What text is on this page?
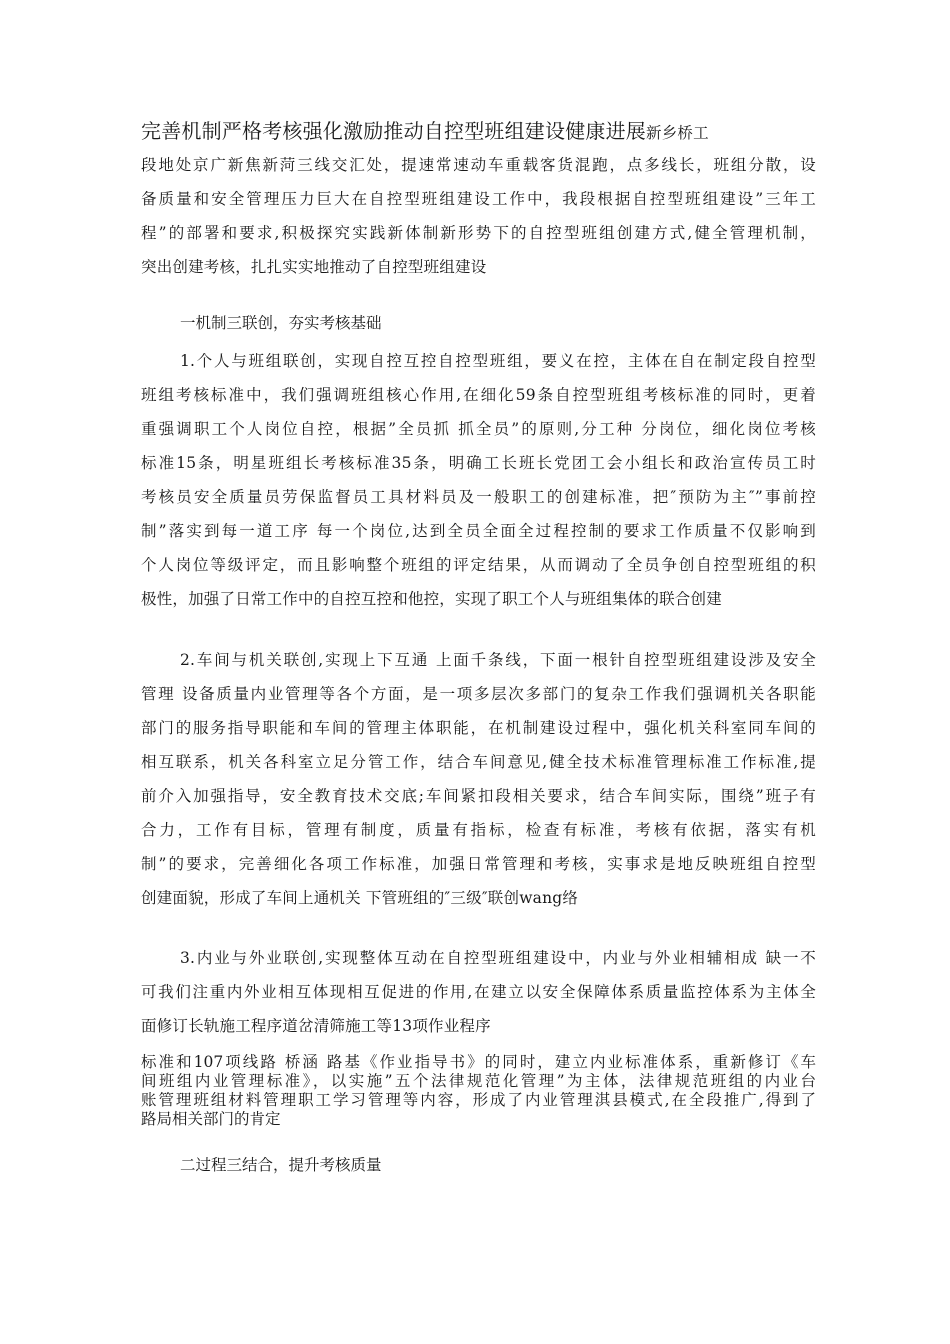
完善机制严格考核强化激励推动自控型班组建设健康进展新乡桥工
段地处京广新焦新菏三线交汇处，提速常速动车重载客货混跑，点多线长，班组分散，设
备质量和安全管理压力巨大在自控型班组建设工作中，我段根据自控型班组建设”三年工
程”的部署和要求,积极探究实践新体制新形势下的自控型班组创建方式,健全管理机制，
突出创建考核，扎扎实实地推动了自控型班组建设
一机制三联创，夯实考核基础
1.个人与班组联创，实现自控互控自控型班组，要义在控，主体在自在制定段自控型
班组考核标准中，我们强调班组核心作用,在细化59条自控型班组考核标准的同时，更着
重强调职工个人岗位自控，根据”全员抓 抓全员”的原则,分工种 分岗位，细化岗位考核
标准15条，明星班组长考核标准35条，明确工长班长党团工会小组长和政治宣传员工时
考核员安全质量员劳保监督员工具材料员及一般职工的创建标准，把″预防为主″”事前控
制”落实到每一道工序 每一个岗位,达到全员全面全过程控制的要求工作质量不仅影响到
个人岗位等级评定，而且影响整个班组的评定结果，从而调动了全员争创自控型班组的积
极性，加强了日常工作中的自控互控和他控，实现了职工个人与班组集体的联合创建
2.车间与机关联创,实现上下互通 上面千条线，下面一根针自控型班组建设涉及安全
管理 设备质量内业管理等各个方面，是一项多层次多部门的复杂工作我们强调机关各职能
部门的服务指导职能和车间的管理主体职能，在机制建设过程中，强化机关科室同车间的
相互联系，机关各科室立足分管工作，结合车间意见,健全技术标准管理标准工作标准,提
前介入加强指导，安全教育技术交底;车间紧扣段相关要求，结合车间实际，围绕”班子有
合力，工作有目标，管理有制度，质量有指标，检查有标准，考核有依据，落实有机
制”的要求，完善细化各项工作标准，加强日常管理和考核，实事求是地反映班组自控型
创建面貌，形成了车间上通机关 下管班组的″三级″联创wang络
3.内业与外业联创,实现整体互动在自控型班组建设中，内业与外业相辅相成 缺一不
可我们注重内外业相互体现相互促进的作用,在建立以安全保障体系质量监控体系为主体全
面修订长轨施工程序道岔清筛施工等13项作业程序
标准和107项线路 桥涵 路基《作业指导书》的同时，建立内业标准体系，重新修订《车
间班组内业管理标准》，以实施”五个法律规范化管理”为主体，法律规范班组的内业台
账管理班组材料管理职工学习管理等内容，形成了内业管理淇县模式,在全段推广,得到了
路局相关部门的肯定
二过程三结合，提升考核质量
